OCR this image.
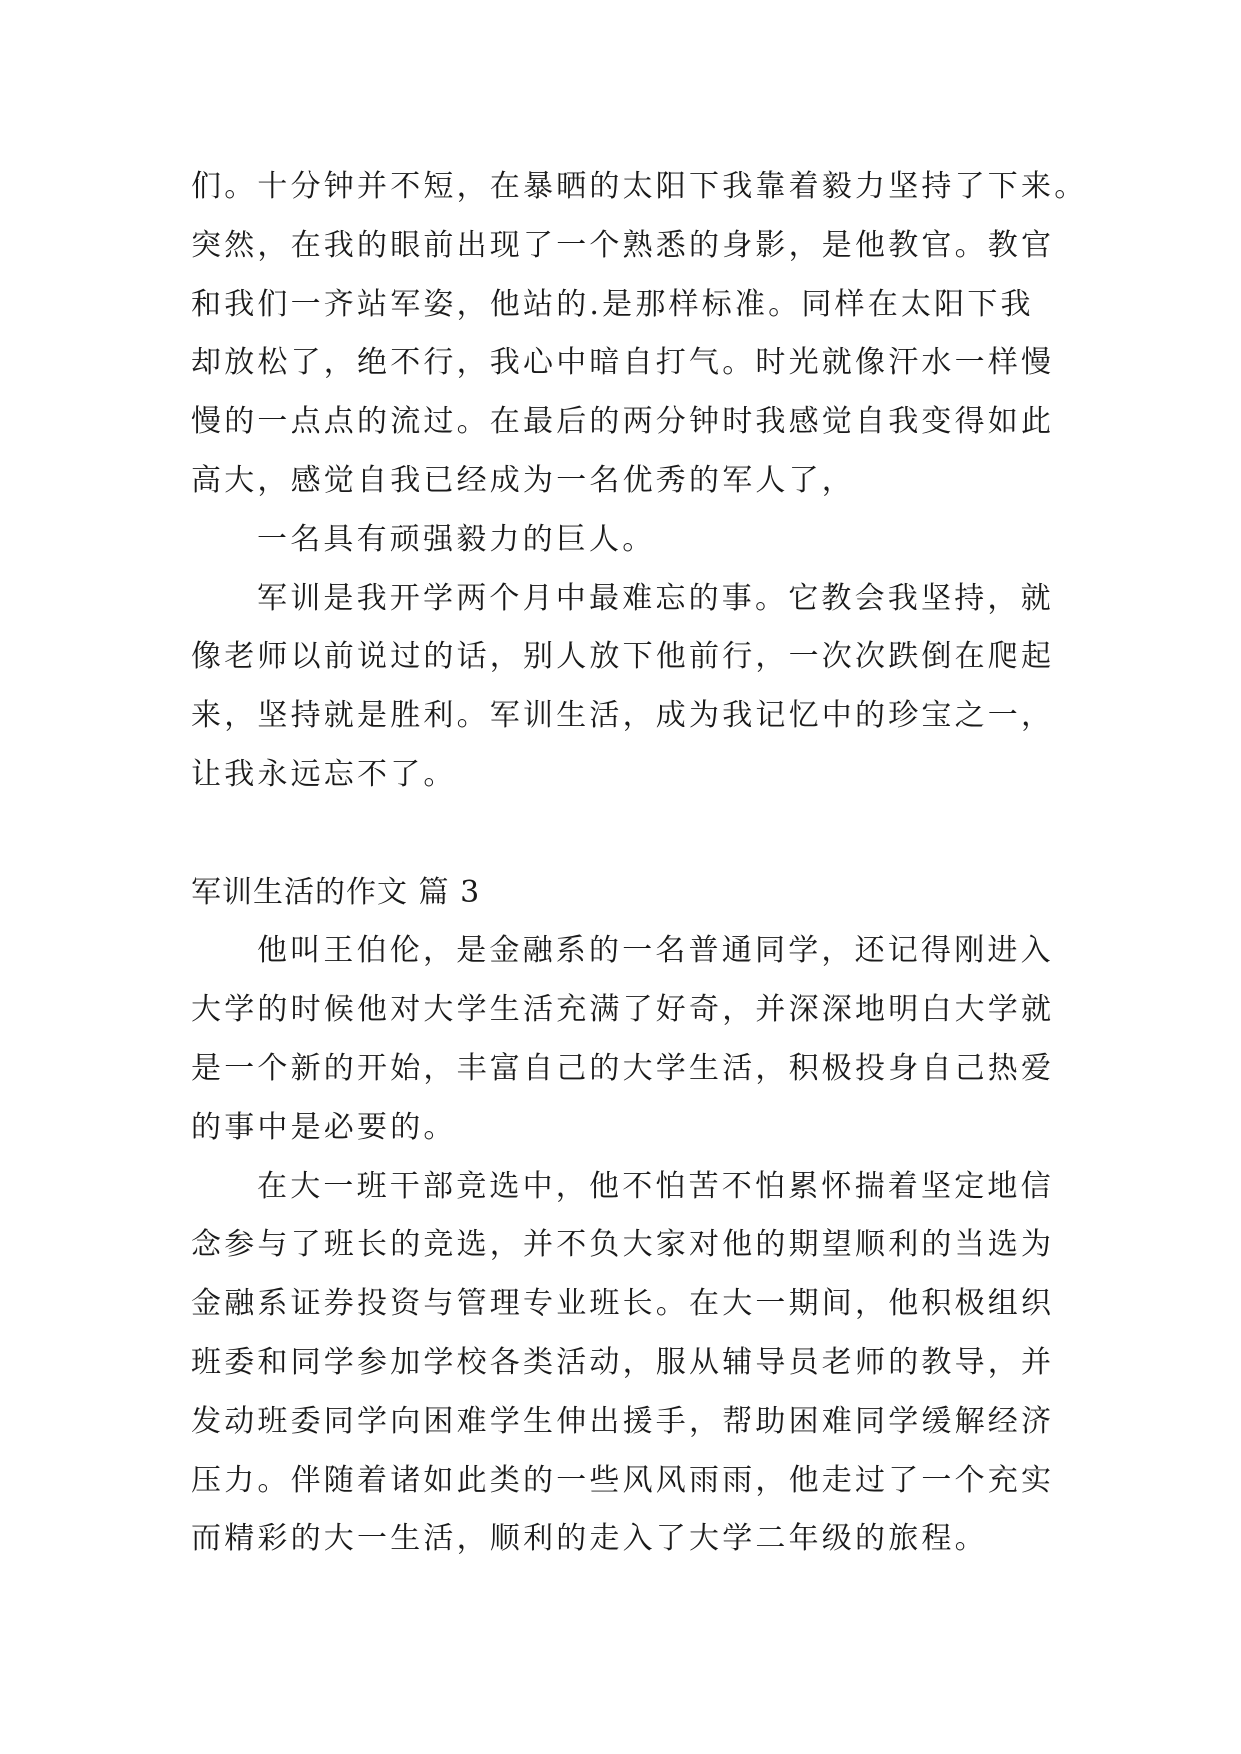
们。十分钟并不短，在暴晒的太阳下我靠着毅力坚持了下来。
突然，在我的眼前出现了一个熟悉的身影，是他教官。教官
和我们一齐站军姿，他站的.是那样标准。同样在太阳下我
却放松了，绝不行，我心中暗自打气。时光就像汗水一样慢
慢的一点点的流过。在最后的两分钟时我感觉自我变得如此
高大，感觉自我已经成为一名优秀的军人了，
一名具有顽强毅力的巨人。
军训是我开学两个月中最难忘的事。它教会我坚持，就
像老师以前说过的话，别人放下他前行，一次次跌倒在爬起
来，坚持就是胜利。军训生活，成为我记忆中的珍宝之一，
让我永远忘不了。
军训生活的作文 篇 3
他叫王伯伦，是金融系的一名普通同学，还记得刚进入
大学的时候他对大学生活充满了好奇，并深深地明白大学就
是一个新的开始，丰富自己的大学生活，积极投身自己热爱
的事中是必要的。
在大一班干部竞选中，他不怕苦不怕累怀揣着坚定地信
念参与了班长的竞选，并不负大家对他的期望顺利的当选为
金融系证券投资与管理专业班长。在大一期间，他积极组织
班委和同学参加学校各类活动，服从辅导员老师的教导，并
发动班委同学向困难学生伸出援手，帮助困难同学缓解经济
压力。伴随着诸如此类的一些风风雨雨，他走过了一个充实
而精彩的大一生活，顺利的走入了大学二年级的旅程。
